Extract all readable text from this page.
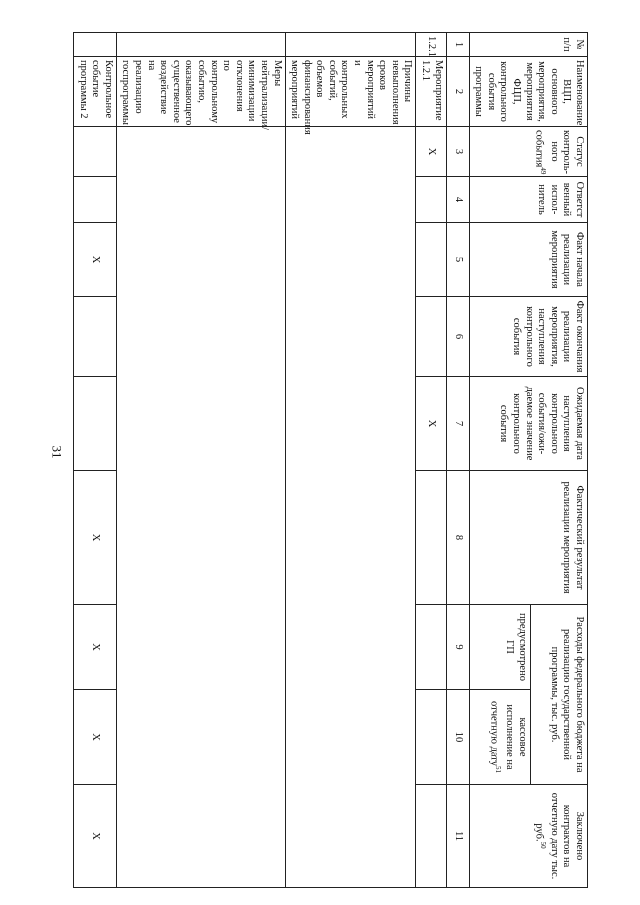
31
№ п/п	Наименование ВЦП, основного мероприятия, мероприятия ФЦП, контрольного события программы	Статус контроль-ного события$^{49}$	Ответст венный испол-нитель	Факт начала реализации мероприятия	Факт окончания реализации мероприятия, наступления контрольного события	Ожидаемая дата наступления контрольного события/ожи-даемое значение контрольного события	Фактический результат реализации мероприятия	Расходы федерального бюджета на реализацию государственной программы, тыс. руб.		Заключено контрактов на отчетную дату тыс. руб.$^{50}$
								предусмотрено ГП	кассовое исполнение на отчетную дату$^{51}$
1	2	3	4	5	6	7	8	9	10	11
1.2.1	Мероприятие 1.2.1	X				X				
	Причины невыполнения сроков мероприятий и контрольных событий, объемов финансирования мероприятий									
	Меры нейтрализации/минимизации отклонения по контрольному событию, оказывающего существенное воздействие на реализацию госпрограммы									
	Контрольное событие программы 2			X			X	X	X	X
